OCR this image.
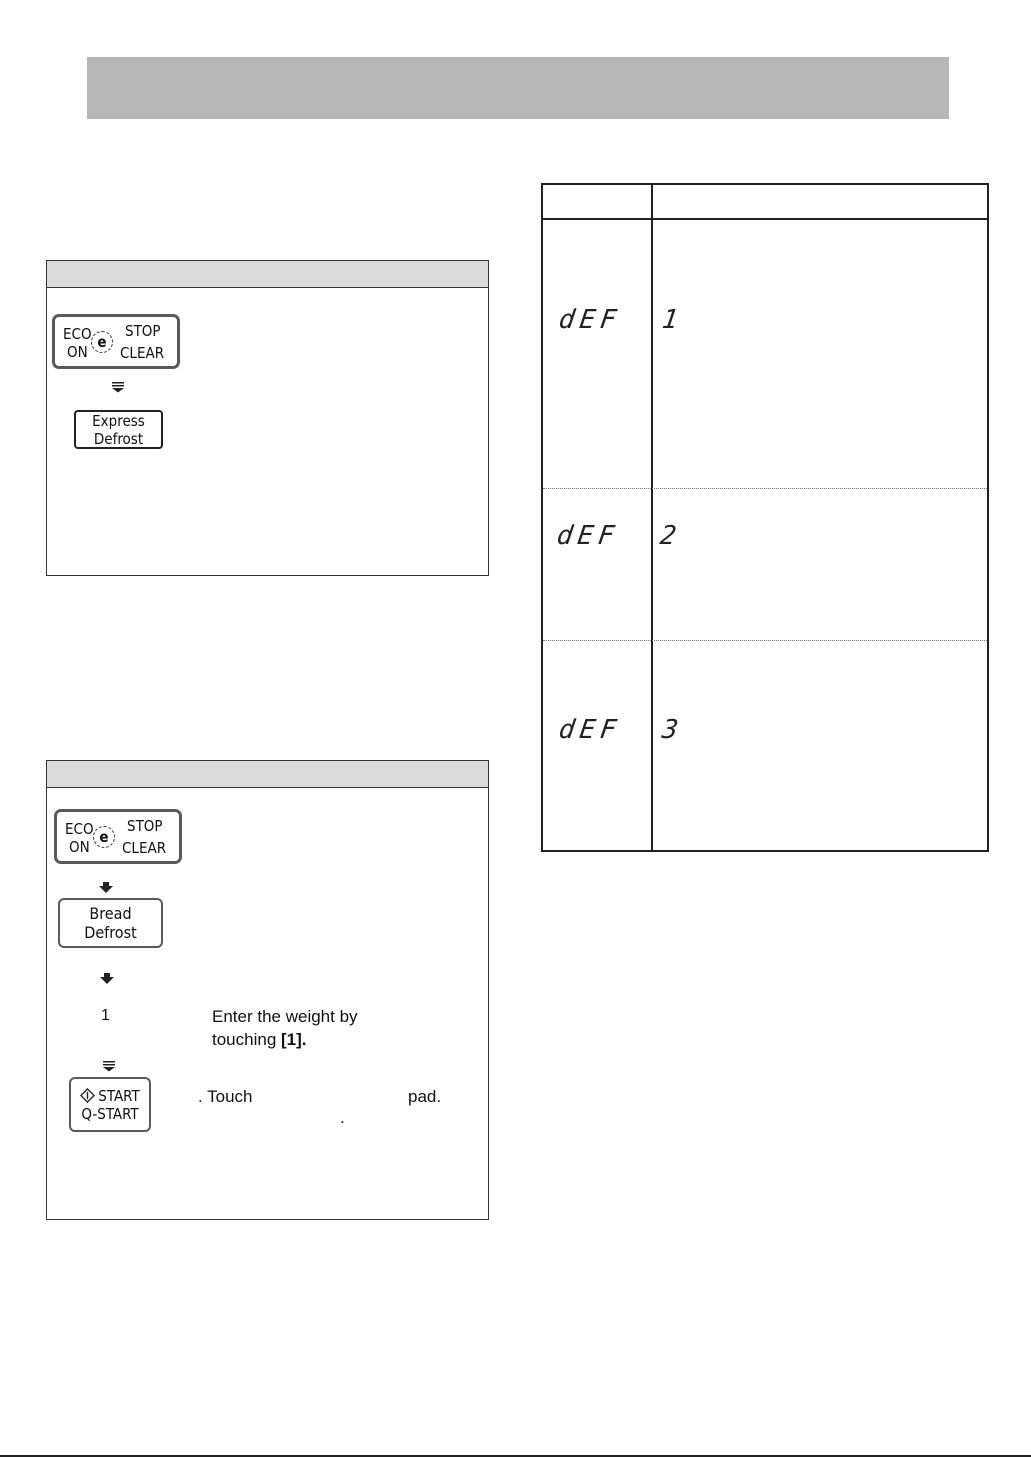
ECO
ON
e
STOP
CLEAR
Express
Defrost
ECO
ON
e
STOP
CLEAR
Bread
Defrost
1	Enter the weight by
touching [1].
START
Q-START
. Touch	pad.
.
dEF  1
dEF  2
dEF  3
